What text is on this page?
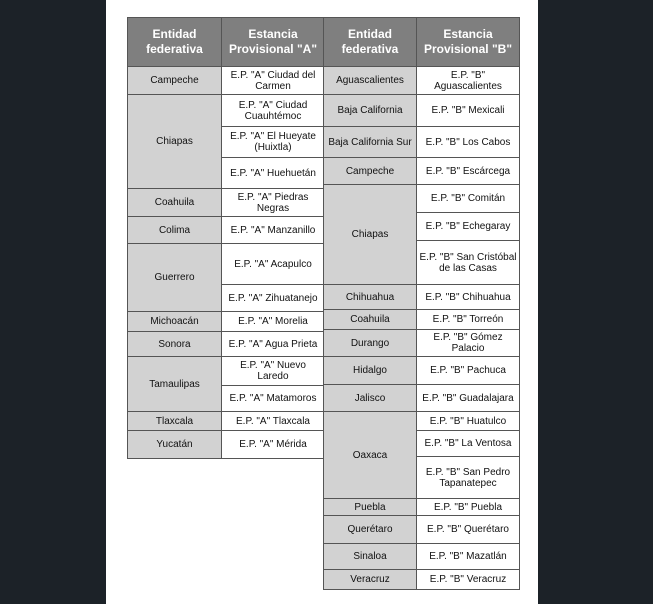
Entidad federativa	Estancia Provisional "A"
Campeche	E.P. "A" Ciudad del Carmen
Chiapas	E.P. "A" Ciudad Cuauhtémoc
	E.P. "A" El Hueyate (Huixtla)
	E.P. "A" Huehuetán
Coahuila	E.P. "A" Piedras Negras
Colima	E.P. "A" Manzanillo
Guerrero	E.P. "A" Acapulco
	E.P. "A" Zihuatanejo
Michoacán	E.P. "A" Morelia
Sonora	E.P. "A" Agua Prieta
Tamaulipas	E.P. "A" Nuevo Laredo
	E.P. "A" Matamoros
Tlaxcala	E.P. "A" Tlaxcala
Yucatán	E.P. "A" Mérida
Entidad federativa	Estancia Provisional "B"
Aguascalientes	E.P. "B" Aguascalientes
Baja California	E.P. "B" Mexicali
Baja California Sur	E.P. "B" Los Cabos
Campeche	E.P. "B" Escárcega
Chiapas	E.P. "B" Comitán
	E.P. "B" Echegaray
	E.P. "B" San Cristóbal de las Casas
Chihuahua	E.P. "B" Chihuahua
Coahuila	E.P. "B" Torreón
Durango	E.P. "B" Gómez Palacio
Hidalgo	E.P. "B" Pachuca
Jalisco	E.P. "B" Guadalajara
Oaxaca	E.P. "B" Huatulco
	E.P. "B" La Ventosa
	E.P. "B" San Pedro Tapanatepec
Puebla	E.P. "B" Puebla
Querétaro	E.P. "B" Querétaro
Sinaloa	E.P. "B" Mazatlán
Veracruz	E.P. "B" Veracruz
